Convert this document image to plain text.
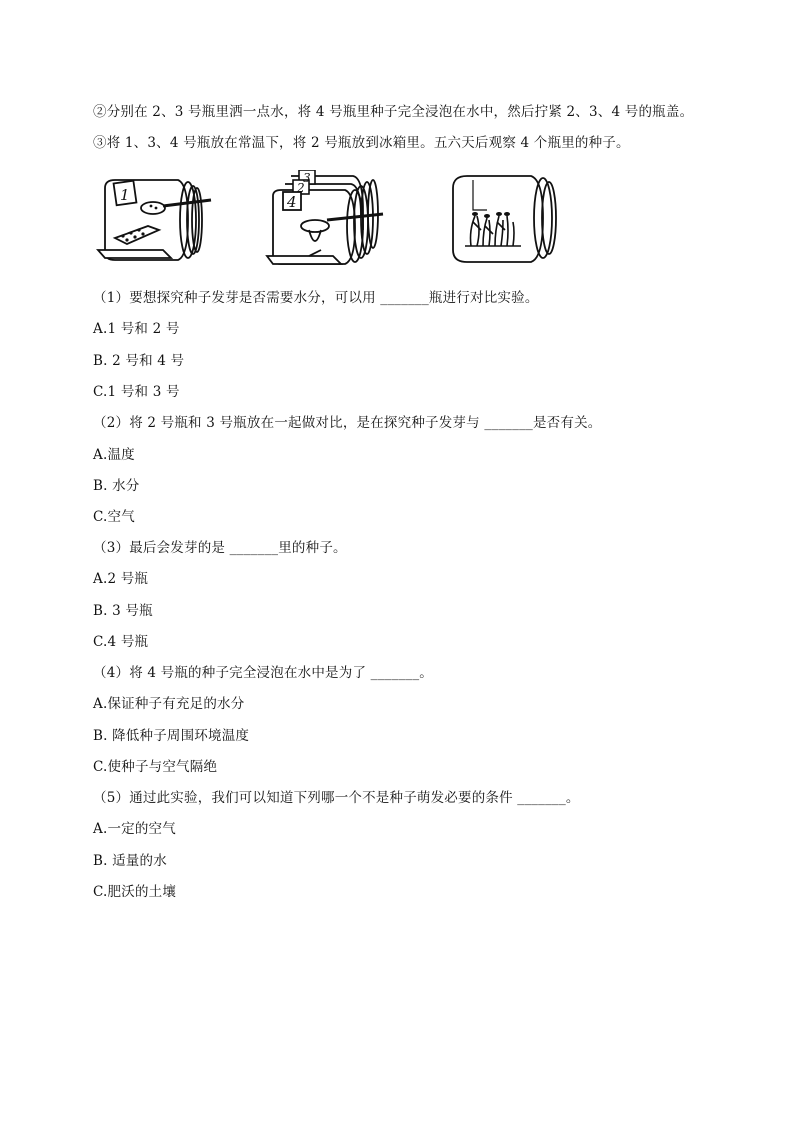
②分别在 2、3 号瓶里洒一点水，将 4 号瓶里种子完全浸泡在水中，然后拧紧 2、3、4 号的瓶盖。
③将 1、3、4 号瓶放在常温下，将 2 号瓶放到冰箱里。五六天后观察 4 个瓶里的种子。
1
3
2
4
（1）要想探究种子发芽是否需要水分，可以用 _______瓶进行对比实验。
A.1 号和 2 号
B. 2 号和 4 号
C.1 号和 3 号
（2）将 2 号瓶和 3 号瓶放在一起做对比，是在探究种子发芽与 _______是否有关。
A.温度
B. 水分
C.空气
（3）最后会发芽的是 _______里的种子。
A.2 号瓶
B. 3 号瓶
C.4 号瓶
（4）将 4 号瓶的种子完全浸泡在水中是为了 _______。
A.保证种子有充足的水分
B. 降低种子周围环境温度
C.使种子与空气隔绝
（5）通过此实验，我们可以知道下列哪一个不是种子萌发必要的条件 _______。
A.一定的空气
B. 适量的水
C.肥沃的土壤
